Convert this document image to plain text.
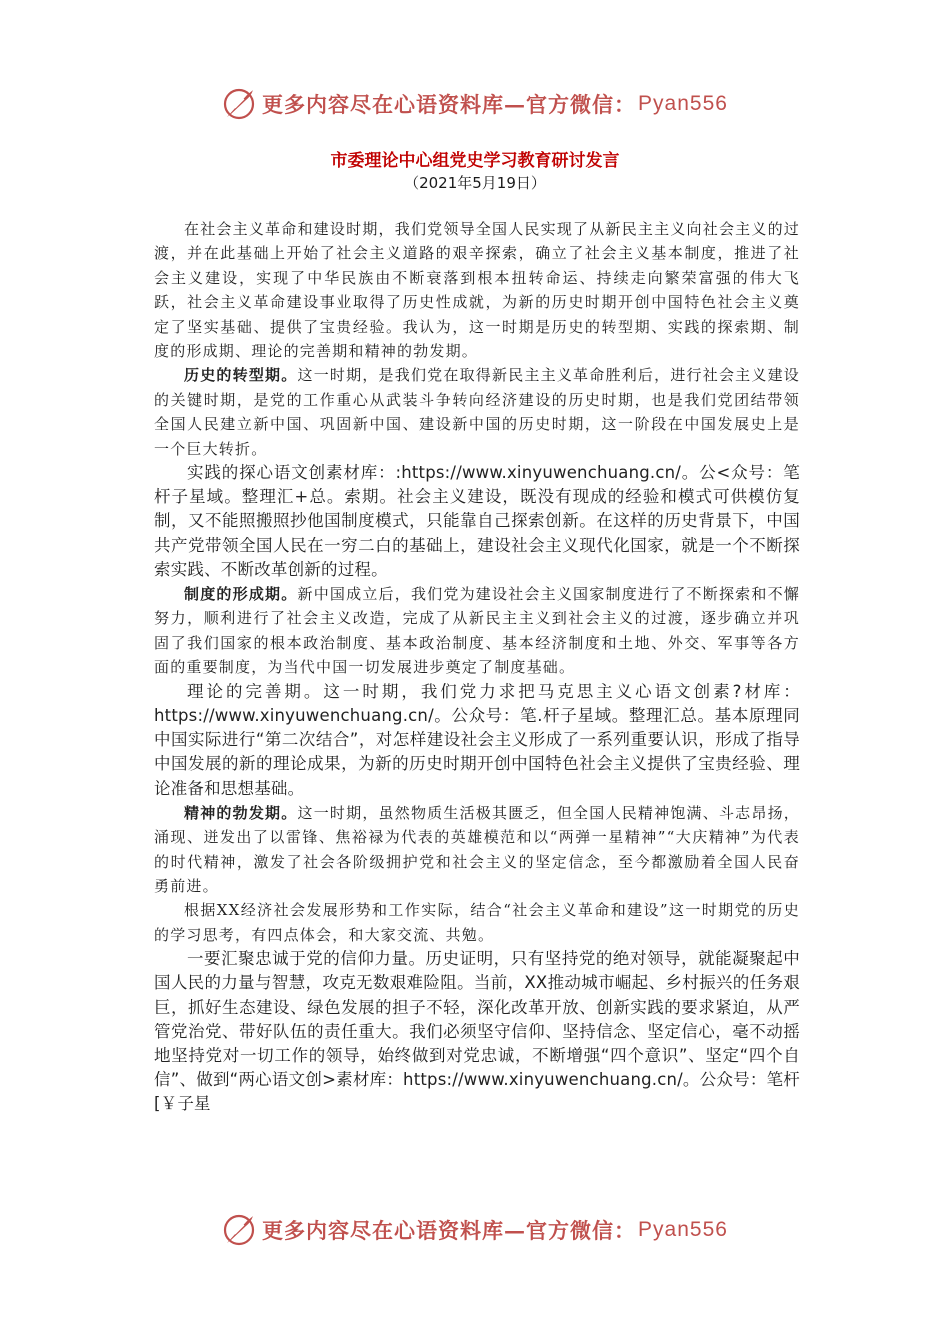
更多内容尽在心语资料库—官方微信： Pyan556
市委理论中心组党史学习教育研讨发言
（2021年5月19日）

在社会主义革命和建设时期，我们党领导全国人民实现了从新民主主义向社会主义的过渡，并在此基础上开始了社会主义道路的艰辛探索，确立了社会主义基本制度，推进了社会主义建设，实现了中华民族由不断衰落到根本扭转命运、持续走向繁荣富强的伟大飞跃，社会主义革命建设事业取得了历史性成就，为新的历史时期开创中国特色社会主义奠定了坚实基础、提供了宝贵经验。我认为，这一时期是历史的转型期、实践的探索期、制度的形成期、理论的完善期和精神的勃发期。

历史的转型期。这一时期，是我们党在取得新民主主义革命胜利后，进行社会主义建设的关键时期，是党的工作重心从武装斗争转向经济建设的历史时期，也是我们党团结带领全国人民建立新中国、巩固新中国、建设新中国的历史时期，这一阶段在中国发展史上是一个巨大转折。

实践的探心语文创素材库：:https://www.xinyuwenchuang.cn/。公<众号：笔杆子星域。整理汇+总。索期。社会主义建设，既没有现成的经验和模式可供模仿复制，又不能照搬照抄他国制度模式，只能靠自己探索创新。在这样的历史背景下，中国共产党带领全国人民在一穷二白的基础上，建设社会主义现代化国家，就是一个不断探索实践、不断改革创新的过程。

制度的形成期。新中国成立后，我们党为建设社会主义国家制度进行了不断探索和不懈努力，顺利进行了社会主义改造，完成了从新民主主义到社会主义的过渡，逐步确立并巩固了我们国家的根本政治制度、基本政治制度、基本经济制度和土地、外交、军事等各方面的重要制度，为当代中国一切发展进步奠定了制度基础。

理论的完善期。这一时期，我们党力求把马克思主义心语文创素?材库：https://www.xinyuwenchuang.cn/。公众号：笔.杆子星域。整理汇总。基本原理同中国实际进行“第二次结合”，对怎样建设社会主义形成了一系列重要认识，形成了指导中国发展的新的理论成果，为新的历史时期开创中国特色社会主义提供了宝贵经验、理论准备和思想基础。

精神的勃发期。这一时期，虽然物质生活极其匮乏，但全国人民精神饱满、斗志昂扬，涌现、迸发出了以雷锋、焦裕禄为代表的英雄模范和以“两弹一星精神”“大庆精神”为代表的时代精神，激发了社会各阶级拥护党和社会主义的坚定信念，至今都激励着全国人民奋勇前进。

根据XX经济社会发展形势和工作实际，结合“社会主义革命和建设”这一时期党的历史的学习思考，有四点体会，和大家交流、共勉。

一要汇聚忠诚于党的信仰力量。历史证明，只有坚持党的绝对领导，就能凝聚起中国人民的力量与智慧，攻克无数艰难险阻。当前，XX推动城市崛起、乡村振兴的任务艰巨，抓好生态建设、绿色发展的担子不轻，深化改革开放、创新实践的要求紧迫，从严管党治党、带好队伍的责任重大。我们必须坚守信仰、坚持信念、坚定信心，毫不动摇地坚持党对一切工作的领导，始终做到对党忠诚，不断增强“四个意识”、坚定“四个自信”、做到“两心语文创>素材库：https://www.xinyuwenchuang.cn/。公众号：笔杆[￥子星

更多内容尽在心语资料库—官方微信： Pyan556
